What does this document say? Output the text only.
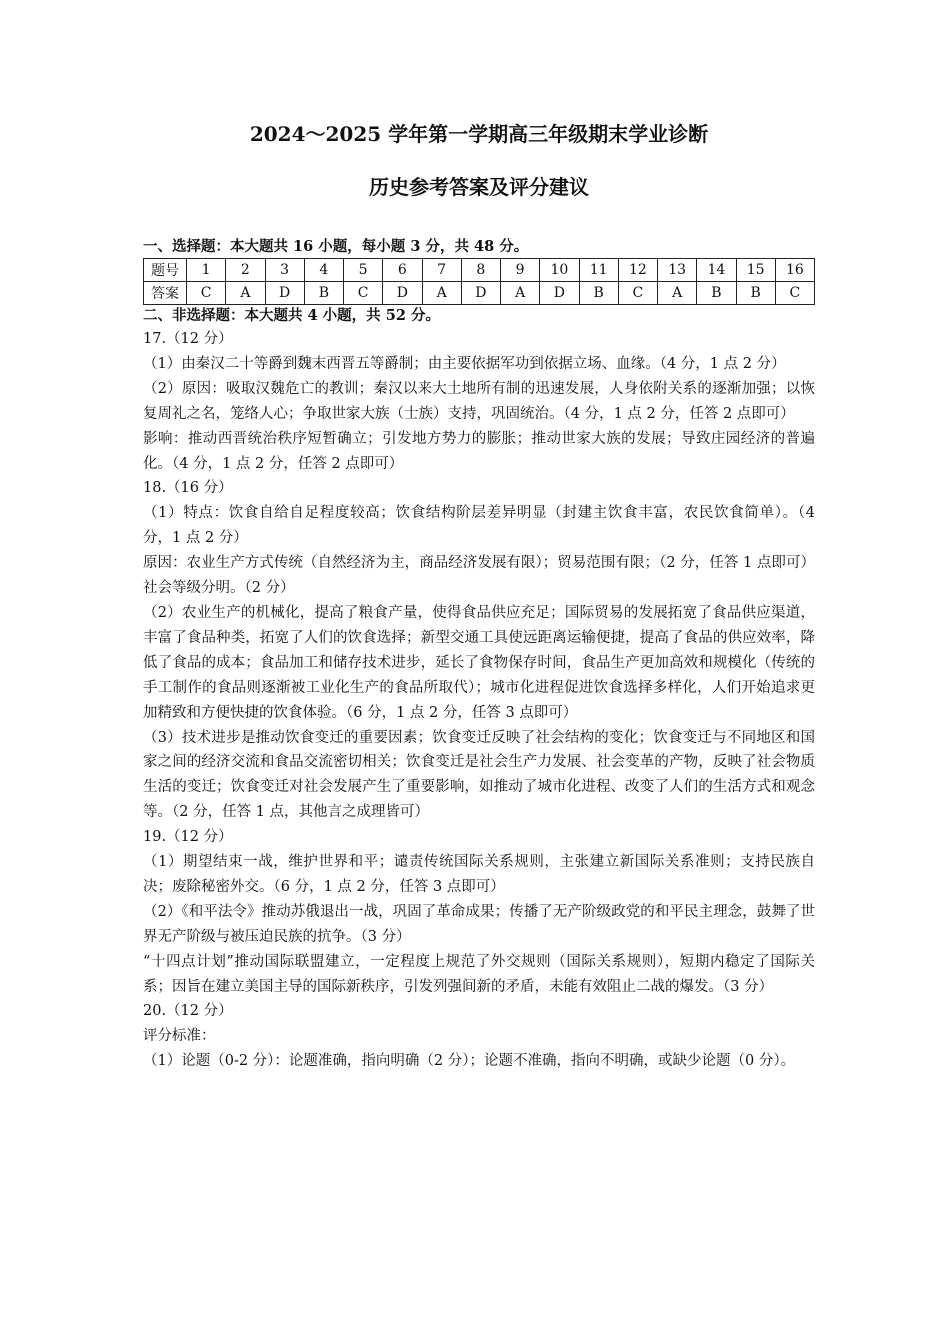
2024～2025 学年第一学期高三年级期末学业诊断
历史参考答案及评分建议

一、选择题：本大题共 16 小题，每小题 3 分，共 48 分。

题号	1	2	3	4	5	6	7	8	9	10	11	12	13	14	15	16
答案	C	A	D	B	C	D	A	D	A	D	B	C	A	B	B	C

二、非选择题：本大题共 4 小题，共 52 分。

17.（12 分）

（1）由秦汉二十等爵到魏末西晋五等爵制；由主要依据军功到依据立场、血缘。（4 分，1 点 2 分）

（2）原因：吸取汉魏危亡的教训；秦汉以来大土地所有制的迅速发展，人身依附关系的逐渐加强；以恢复周礼之名，笼络人心；争取世家大族（士族）支持，巩固统治。（4 分，1 点 2 分，任答 2 点即可）

影响：推动西晋统治秩序短暂确立；引发地方势力的膨胀；推动世家大族的发展；导致庄园经济的普遍化。（4 分，1 点 2 分，任答 2 点即可）

18.（16 分）

（1）特点：饮食自给自足程度较高；饮食结构阶层差异明显（封建主饮食丰富，农民饮食简单）。（4 分，1 点 2 分）

原因：农业生产方式传统（自然经济为主，商品经济发展有限）；贸易范围有限；（2 分，任答 1 点即可）社会等级分明。（2 分）

（2）农业生产的机械化，提高了粮食产量，使得食品供应充足；国际贸易的发展拓宽了食品供应渠道，丰富了食品种类，拓宽了人们的饮食选择；新型交通工具使远距离运输便捷，提高了食品的供应效率，降低了食品的成本；食品加工和储存技术进步，延长了食物保存时间，食品生产更加高效和规模化（传统的手工制作的食品则逐渐被工业化生产的食品所取代）；城市化进程促进饮食选择多样化，人们开始追求更加精致和方便快捷的饮食体验。（6 分，1 点 2 分，任答 3 点即可）

（3）技术进步是推动饮食变迁的重要因素；饮食变迁反映了社会结构的变化；饮食变迁与不同地区和国家之间的经济交流和食品交流密切相关；饮食变迁是社会生产力发展、社会变革的产物，反映了社会物质生活的变迁；饮食变迁对社会发展产生了重要影响，如推动了城市化进程、改变了人们的生活方式和观念等。（2 分，任答 1 点，其他言之成理皆可）

19.（12 分）

（1）期望结束一战，维护世界和平；谴责传统国际关系规则，主张建立新国际关系准则；支持民族自决；废除秘密外交。（6 分，1 点 2 分，任答 3 点即可）

（2）《和平法令》推动苏俄退出一战，巩固了革命成果；传播了无产阶级政党的和平民主理念，鼓舞了世界无产阶级与被压迫民族的抗争。（3 分）

“十四点计划”推动国际联盟建立，一定程度上规范了外交规则（国际关系规则），短期内稳定了国际关系；因旨在建立美国主导的国际新秩序，引发列强间新的矛盾，未能有效阻止二战的爆发。（3 分）

20.（12 分）

评分标准：

（1）论题（0-2 分）：论题准确，指向明确（2 分）；论题不准确，指向不明确，或缺少论题（0 分）。
